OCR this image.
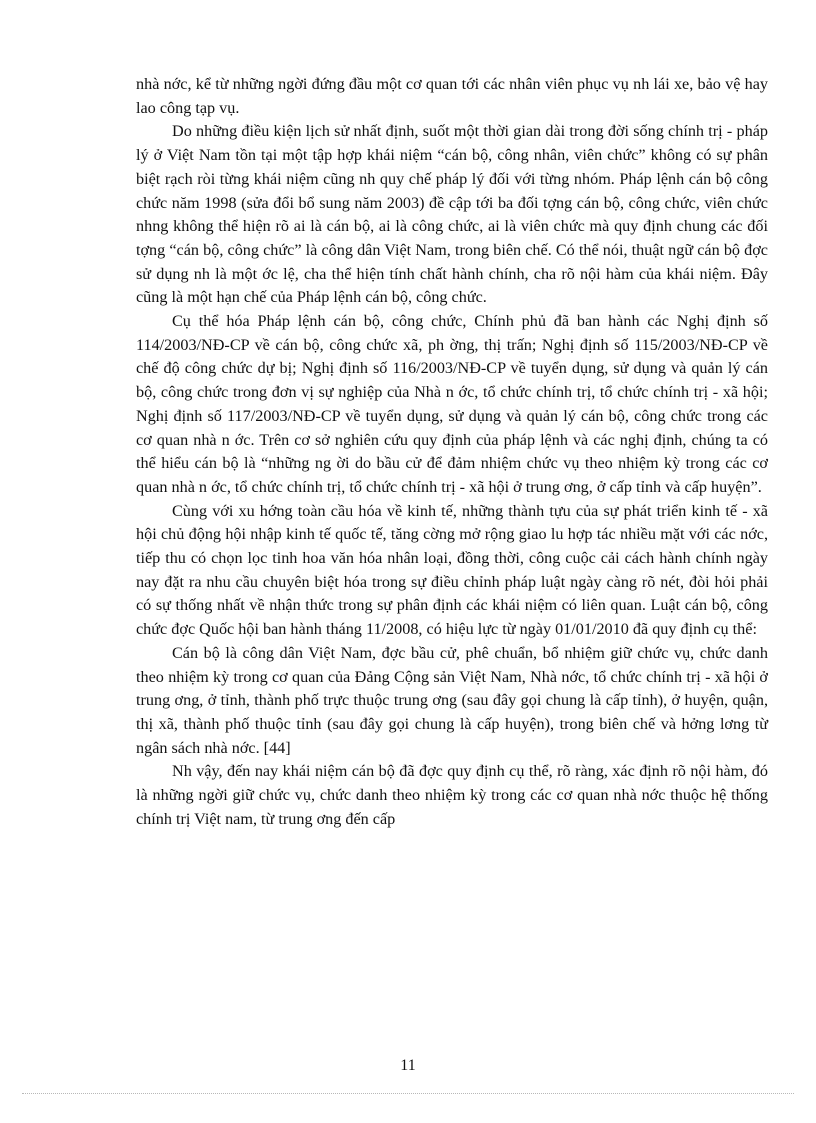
nhà nớc, kể từ những ngời đứng đầu một cơ quan tới các nhân viên phục vụ nh lái xe, bảo vệ hay lao công tạp vụ.

Do những điều kiện lịch sử nhất định, suốt một thời gian dài trong đời sống chính trị - pháp lý ở Việt Nam tồn tại một tập hợp khái niệm “cán bộ, công nhân, viên chức” không có sự phân biệt rạch ròi từng khái niệm cũng nh quy chế pháp lý đối với từng nhóm. Pháp lệnh cán bộ công chức năm 1998 (sửa đổi bổ sung năm 2003) đề cập tới ba đối tợng cán bộ, công chức, viên chức nhng không thể hiện rõ ai là cán bộ, ai là công chức, ai là viên chức mà quy định chung các đối tợng “cán bộ, công chức” là công dân Việt Nam, trong biên chế. Có thể nói, thuật ngữ cán bộ đợc sử dụng nh là một ớc lệ, cha thể hiện tính chất hành chính, cha rõ nội hàm của khái niệm. Đây cũng là một hạn chế của Pháp lệnh cán bộ, công chức.

Cụ thể hóa Pháp lệnh cán bộ, công chức, Chính phủ đã ban hành các Nghị định số 114/2003/NĐ-CP về cán bộ, công chức xã, ph ờng, thị trấn; Nghị định số 115/2003/NĐ-CP về chế độ công chức dự bị; Nghị định số 116/2003/NĐ-CP về tuyển dụng, sử dụng và quản lý cán bộ, công chức trong đơn vị sự nghiệp của Nhà n ớc, tổ chức chính trị, tổ chức chính trị - xã hội; Nghị định số 117/2003/NĐ-CP về tuyển dụng, sử dụng và quản lý cán bộ, công chức trong các cơ quan nhà n ớc. Trên cơ sở nghiên cứu quy định của pháp lệnh và các nghị định, chúng ta có thể hiểu cán bộ là “những ng ời do bầu cử để đảm nhiệm chức vụ theo nhiệm kỳ trong các cơ quan nhà n ớc, tổ chức chính trị, tổ chức chính trị - xã hội ở trung ơng, ở cấp tỉnh và cấp huyện”.

Cùng với xu hớng toàn cầu hóa về kinh tế, những thành tựu của sự phát triển kinh tế - xã hội chủ động hội nhập kinh tế quốc tế, tăng cờng mở rộng giao lu hợp tác nhiều mặt với các nớc, tiếp thu có chọn lọc tinh hoa văn hóa nhân loại, đồng thời, công cuộc cải cách hành chính ngày nay đặt ra nhu cầu chuyên biệt hóa trong sự điều chỉnh pháp luật ngày càng rõ nét, đòi hỏi phải có sự thống nhất về nhận thức trong sự phân định các khái niệm có liên quan. Luật cán bộ, công chức đợc Quốc hội ban hành tháng 11/2008, có hiệu lực từ ngày 01/01/2010 đã quy định cụ thể:

Cán bộ là công dân Việt Nam, đợc bầu cử, phê chuẩn, bổ nhiệm giữ chức vụ, chức danh theo nhiệm kỳ trong cơ quan của Đảng Cộng sản Việt Nam, Nhà nớc, tổ chức chính trị - xã hội ở trung ơng, ở tỉnh, thành phố trực thuộc trung ơng (sau đây gọi chung là cấp tỉnh), ở huyện, quận, thị xã, thành phố thuộc tỉnh (sau đây gọi chung là cấp huyện), trong biên chế và hởng lơng từ ngân sách nhà nớc. [44]

Nh vậy, đến nay khái niệm cán bộ đã đợc quy định cụ thể, rõ ràng, xác định rõ nội hàm, đó là những ngời giữ chức vụ, chức danh theo nhiệm kỳ trong các cơ quan nhà nớc thuộc hệ thống chính trị Việt nam, từ trung ơng đến cấp

11
